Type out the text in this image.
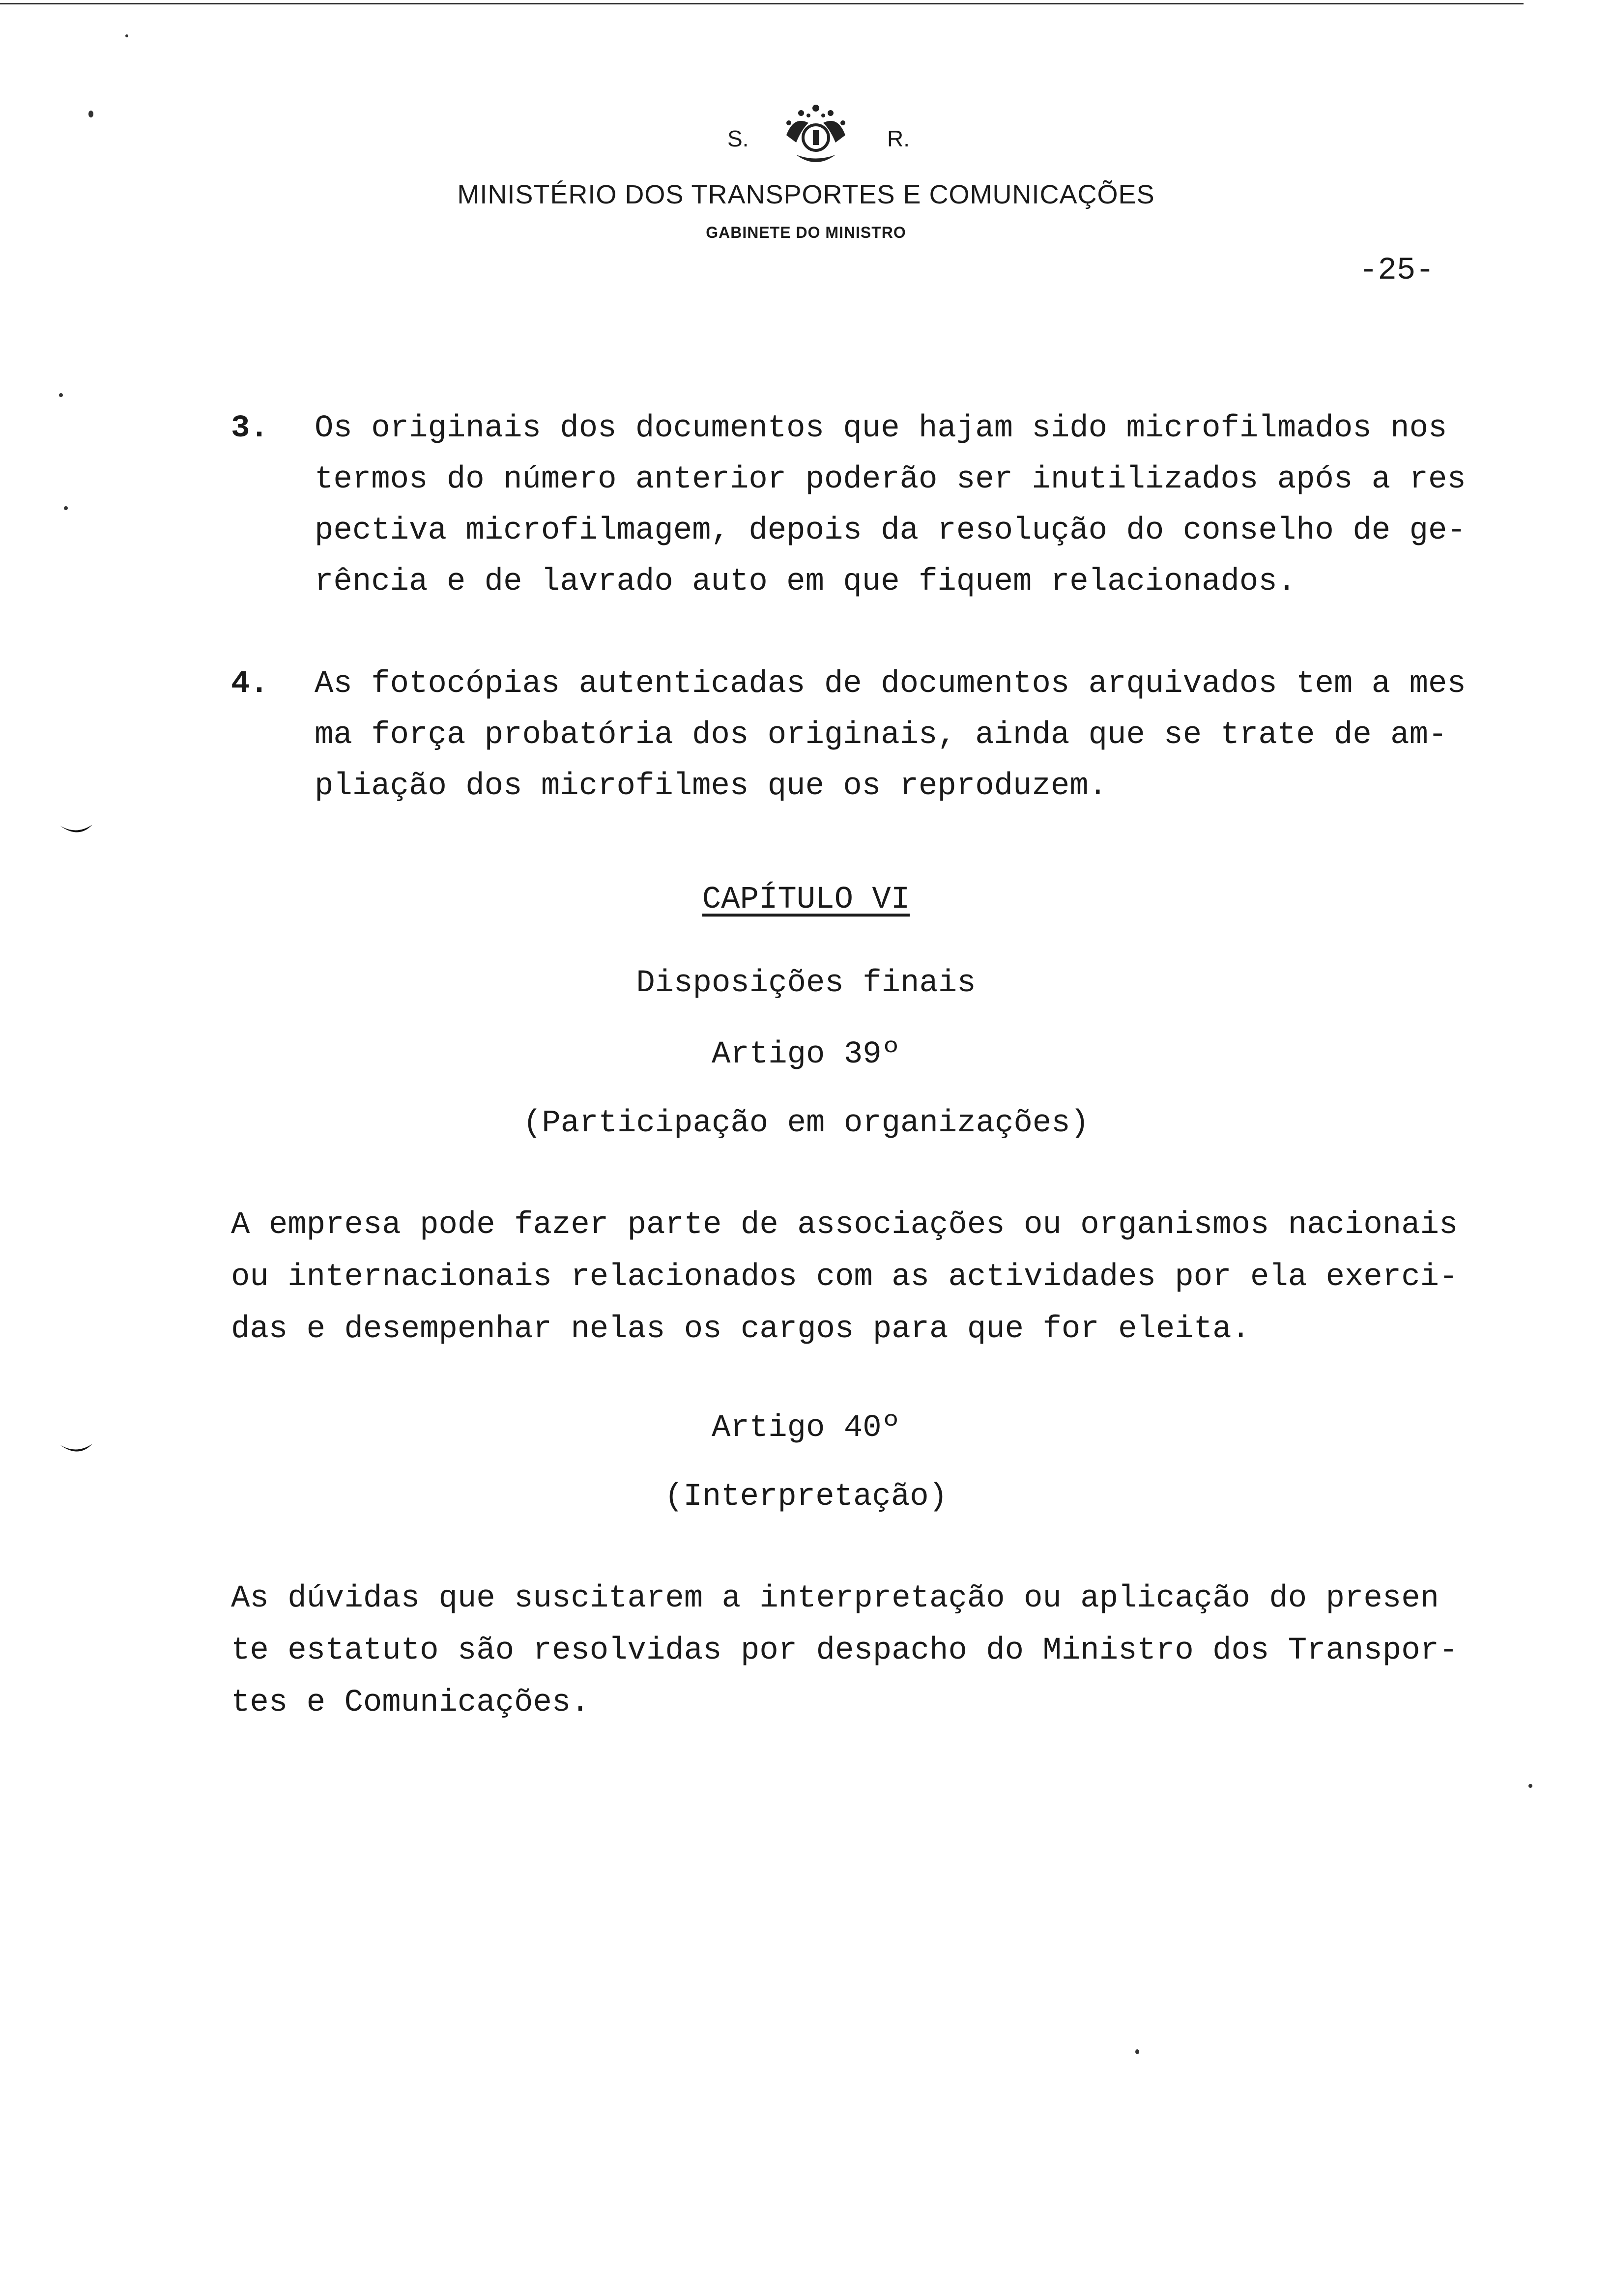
S.	R.
MINISTÉRIO DOS TRANSPORTES E COMUNICAÇÕES
GABINETE DO MINISTRO
-25-
3. Os originais dos documentos que hajam sido microfilmados nos
termos do número anterior poderão ser inutilizados após a res
pectiva microfilmagem, depois da resolução do conselho de ge-
rência e de lavrado auto em que fiquem relacionados.
4. As fotocópias autenticadas de documentos arquivados tem a mes
ma força probatória dos originais, ainda que se trate de am-
pliação dos microfilmes que os reproduzem.
CAPÍTULO VI
Disposições finais
Artigo 39º
(Participação em organizações)
A empresa pode fazer parte de associações ou organismos nacionais
ou internacionais relacionados com as actividades por ela exerci-
das e desempenhar nelas os cargos para que for eleita.
Artigo 40º
(Interpretação)
As dúvidas que suscitarem a interpretação ou aplicação do presen
te estatuto são resolvidas por despacho do Ministro dos Transpor-
tes e Comunicações.
